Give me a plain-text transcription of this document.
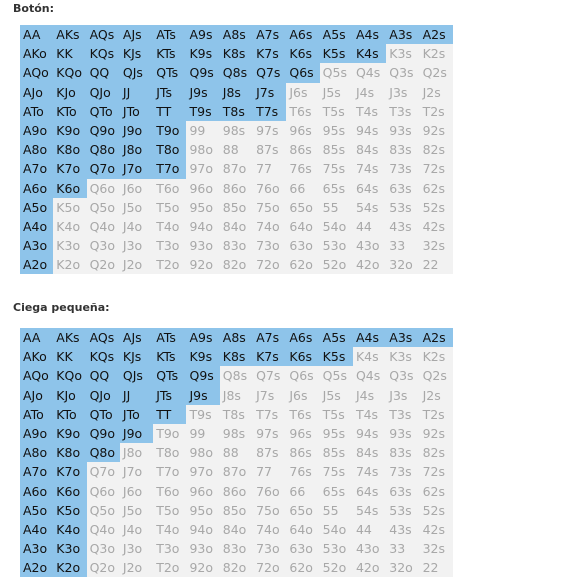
Botón:
AA	AKs AQs AJs	ATs	A9s A8s A7s A6s A5s A4s A3s A2s
AKo KK	KQs KJs	KTs	K9s K8s K7s K6s K5s K4s K3s K2s
AQo KQo QQ	QJs	QTs Q9s Q8s Q7s Q6s Q5s Q4s Q3s Q2s
AJo	KJo	QJo JJ	JTs	J9s	J8s	J7s	J6s	J5s	J4s	J3s	J2s
ATo	KTo	QTo JTo	TT	T9s T8s T7s T6s T5s T4s T3s T2s
A9o K9o Q9o J9o	T9o 99	98s 97s 96s 95s 94s 93s 92s
A8o K8o Q8o J8o	T8o 98o 88	87s 86s 85s 84s 83s 82s
A7o K7o Q7o J7o	T7o 97o 87o 77	76s 75s 74s 73s 72s
A6o K6o Q6o J6o	T6o 96o 86o 76o 66	65s 64s 63s 62s
A5o K5o Q5o J5o	T5o 95o 85o 75o 65o 55	54s 53s 52s
A4o K4o Q4o J4o	T4o 94o 84o 74o 64o 54o 44	43s 42s
A3o K3o Q3o J3o	T3o 93o 83o 73o 63o 53o 43o 33	32s
A2o K2o Q2o J2o	T2o 92o 82o 72o 62o 52o 42o 32o 22
Ciega pequeña:
AA	AKs AQs AJs	ATs	A9s A8s A7s A6s A5s A4s A3s A2s
AKo KK	KQs KJs	KTs	K9s K8s K7s K6s K5s K4s K3s K2s
AQo KQo QQ	QJs	QTs Q9s Q8s Q7s Q6s Q5s Q4s Q3s Q2s
AJo	KJo	QJo JJ	JTs	J9s	J8s	J7s	J6s	J5s	J4s	J3s	J2s
ATo	KTo	QTo JTo	TT	T9s T8s T7s T6s T5s T4s T3s T2s
A9o K9o Q9o J9o	T9o 99	98s 97s 96s 95s 94s 93s 92s
A8o K8o Q8o J8o	T8o 98o 88	87s 86s 85s 84s 83s 82s
A7o K7o Q7o J7o	T7o 97o 87o 77	76s 75s 74s 73s 72s
A6o K6o Q6o J6o	T6o 96o 86o 76o 66	65s 64s 63s 62s
A5o K5o Q5o J5o	T5o 95o 85o 75o 65o 55	54s 53s 52s
A4o K4o Q4o J4o	T4o 94o 84o 74o 64o 54o 44	43s 42s
A3o K3o Q3o J3o	T3o 93o 83o 73o 63o 53o 43o 33	32s
A2o K2o Q2o J2o	T2o 92o 82o 72o 62o 52o 42o 32o 22
